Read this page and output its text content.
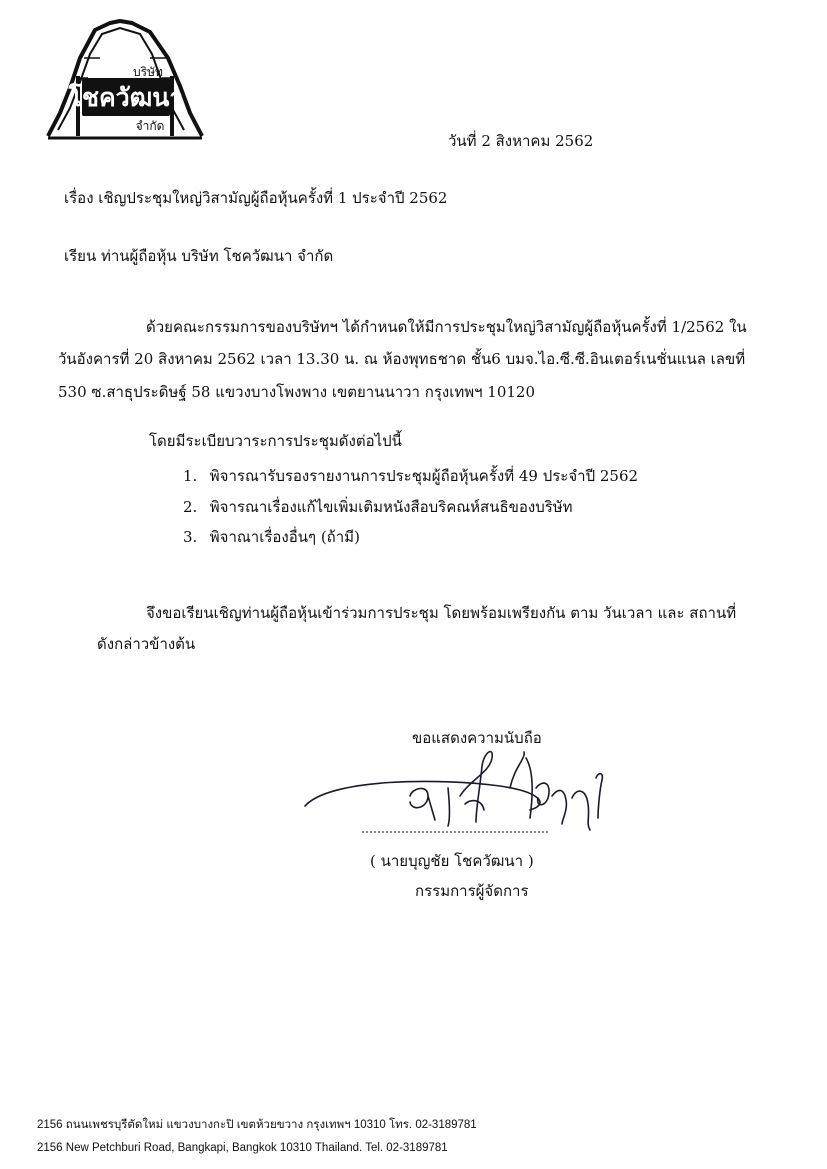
บริษัท
โชควัฒนา
จำกัด
วันที่ 2 สิงหาคม 2562
เรื่อง เชิญประชุมใหญ่วิสามัญผู้ถือหุ้นครั้งที่ 1 ประจำปี 2562
เรียน ท่านผู้ถือหุ้น บริษัท โชควัฒนา จำกัด
ด้วยคณะกรรมการของบริษัทฯ ได้กำหนดให้มีการประชุมใหญ่วิสามัญผู้ถือหุ้นครั้งที่ 1/2562 ใน
วันอังคารที่ 20 สิงหาคม 2562 เวลา 13.30 น. ณ ห้องพุทธชาด ชั้น6 บมจ.ไอ.ซี.ซี.อินเตอร์เนชั่นแนล เลขที่
530 ซ.สาธุประดิษฐ์ 58 แขวงบางโพงพาง เขตยานนาวา กรุงเทพฯ 10120
โดยมีระเบียบวาระการประชุมดังต่อไปนี้
1. พิจารณารับรองรายงานการประชุมผู้ถือหุ้นครั้งที่ 49 ประจำปี 2562
2. พิจารณาเรื่องแก้ไขเพิ่มเติมหนังสือบริคณห์สนธิของบริษัท
3. พิจาณาเรื่องอื่นๆ (ถ้ามี)
จึงขอเรียนเชิญท่านผู้ถือหุ้นเข้าร่วมการประชุม โดยพร้อมเพรียงกัน ตาม วันเวลา และ สถานที่
ดังกล่าวข้างต้น
ขอแสดงความนับถือ
( นายบุญชัย โชควัฒนา )
กรรมการผู้จัดการ
2156 ถนนเพชรบุรีตัดใหม่ แขวงบางกะปิ เขตห้วยขวาง กรุงเทพฯ 10310 โทร. 02-3189781
2156 New Petchburi Road, Bangkapi, Bangkok 10310 Thailand. Tel. 02-3189781
